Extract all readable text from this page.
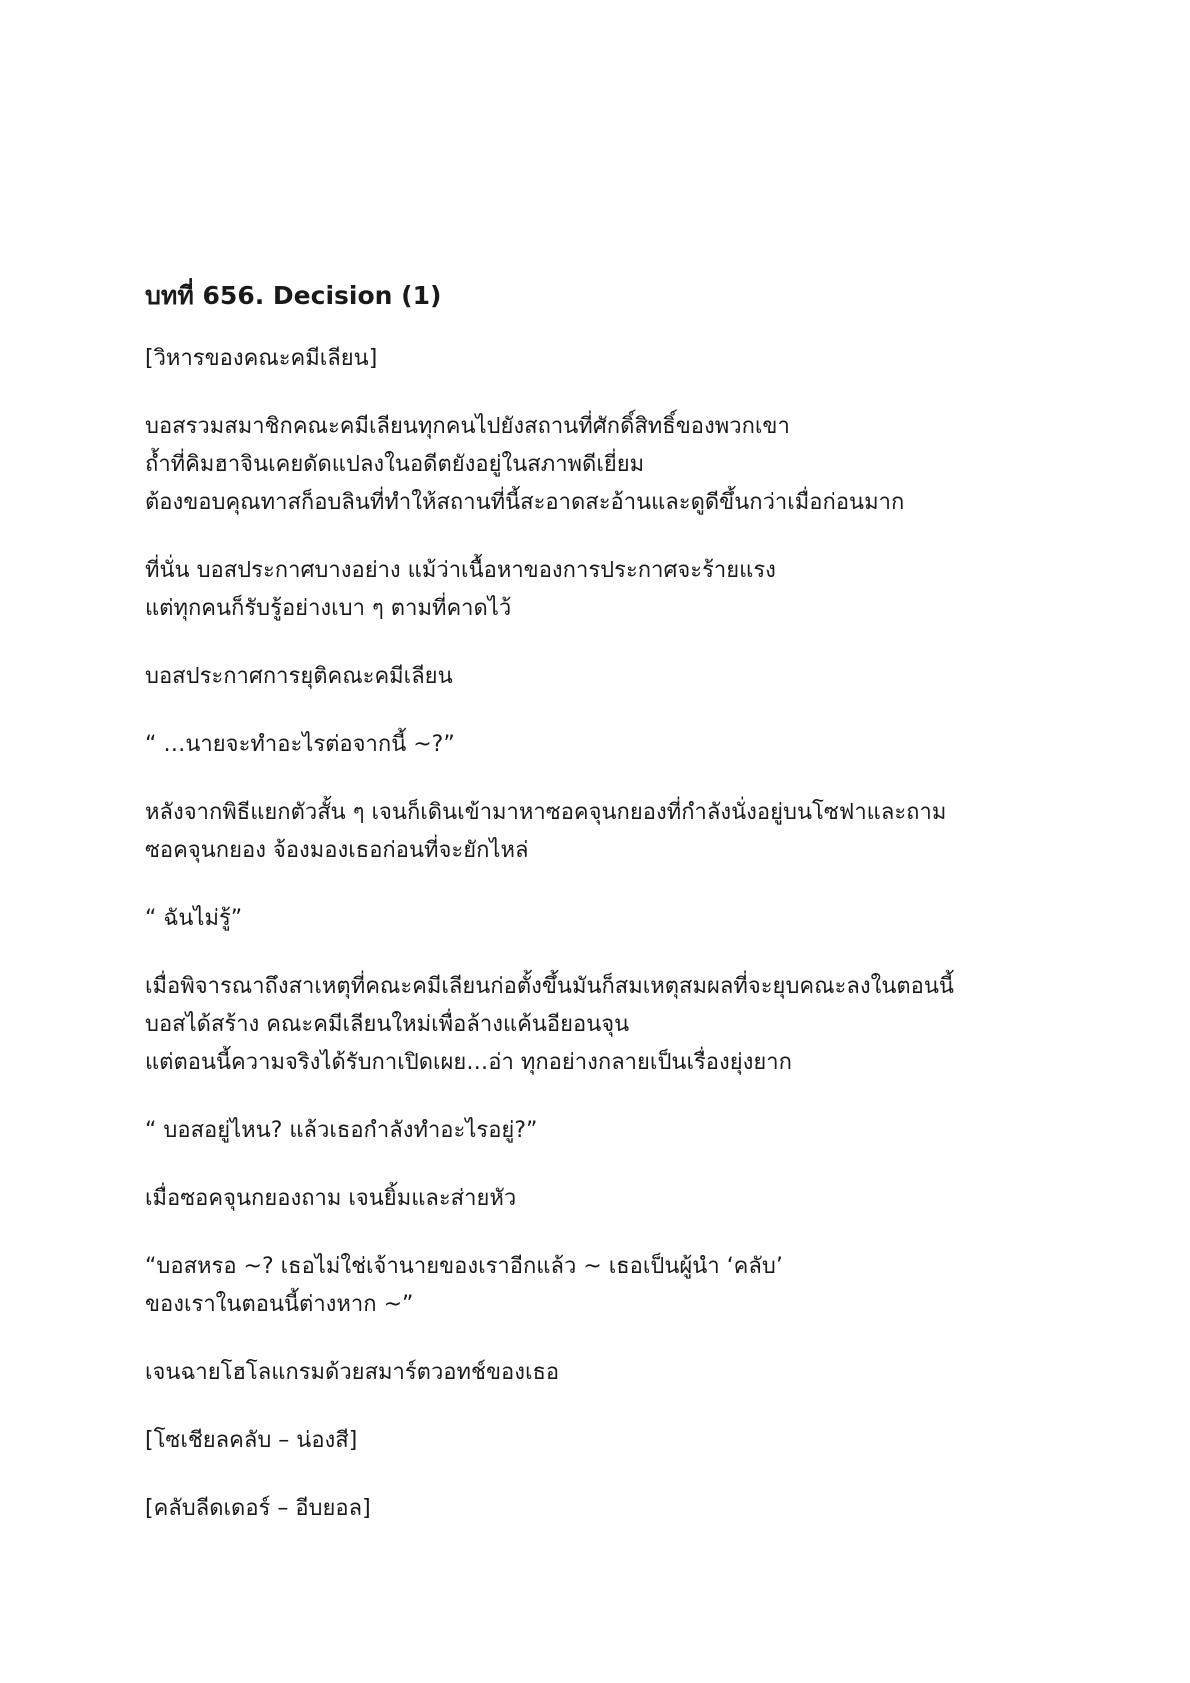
บทที่ 656. Decision (1)
[วิหารของคณะคมีเลียน]
บอสรวมสมาชิกคณะคมีเลียนทุกคนไปยังสถานที่ศักดิ์สิทธิ์ของพวกเขา
ถ้ำที่คิมฮาจินเคยดัดแปลงในอดีตยังอยู่ในสภาพดีเยี่ยม
ต้องขอบคุณทาสก็อบลินที่ทำให้สถานที่นี้สะอาดสะอ้านและดูดีขึ้นกว่าเมื่อก่อนมาก
ที่นั่น บอสประกาศบางอย่าง แม้ว่าเนื้อหาของการประกาศจะร้ายแรง
แต่ทุกคนก็รับรู้อย่างเบา ๆ ตามที่คาดไว้
บอสประกาศการยุติคณะคมีเลียน
“ …นายจะทำอะไรต่อจากนี้ ~?”
หลังจากพิธีแยกตัวสั้น ๆ เจนก็เดินเข้ามาหาซอคจุนกยองที่กำลังนั่งอยู่บนโซฟาและถาม
ซอคจุนกยอง จ้องมองเธอก่อนที่จะยักไหล่
“ ฉันไม่รู้”
เมื่อพิจารณาถึงสาเหตุที่คณะคมีเลียนก่อตั้งขึ้นมันก็สมเหตุสมผลที่จะยุบคณะลงในตอนนี้
บอสได้สร้าง คณะคมีเลียนใหม่เพื่อล้างแค้นอียอนจุน
แต่ตอนนี้ความจริงได้รับกาเปิดเผย…อ่า ทุกอย่างกลายเป็นเรื่องยุ่งยาก
“ บอสอยู่ไหน? แล้วเธอกำลังทำอะไรอยู่?”
เมื่อซอคจุนกยองถาม เจนยิ้มและส่ายหัว
“บอสหรอ ~? เธอไม่ใช่เจ้านายของเราอีกแล้ว ~ เธอเป็นผู้นำ ‘คลับ’
ของเราในตอนนี้ต่างหาก ~”
เจนฉายโฮโลแกรมด้วยสมาร์ตวอทช์ของเธอ
[โซเชียลคลับ – น่องสี]
[คลับลีดเดอร์ – อีบยอล]
